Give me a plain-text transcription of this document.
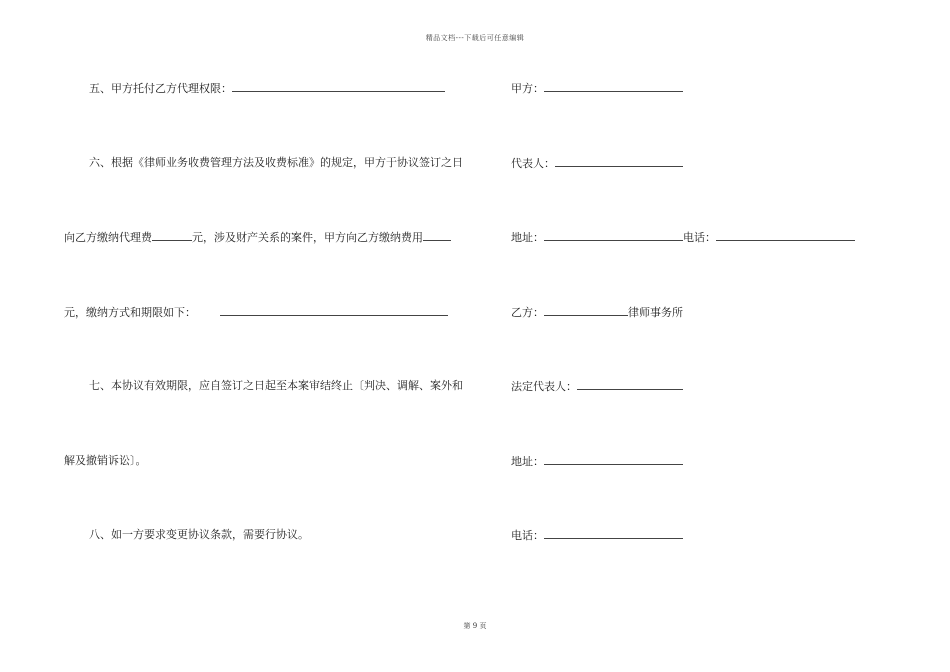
精品文档---下载后可任意编辑
五、甲方托付乙方代理权限：
六、根据《律师业务收费管理方法及收费标准》的规定，甲方于协议签订之日
向乙方缴纳代理费	元，涉及财产关系的案件，甲方向乙方缴纳费用
元，缴纳方式和期限如下：
七、本协议有效期限，应自签订之日起至本案审结终止〔判决、调解、案外和
解及撤销诉讼〕。
八、如一方要求变更协议条款，需要行协议。
甲方：
代表人：
地址：	电话：
乙方：	律师事务所
法定代表人：
地址：
电话：
第 9 页
